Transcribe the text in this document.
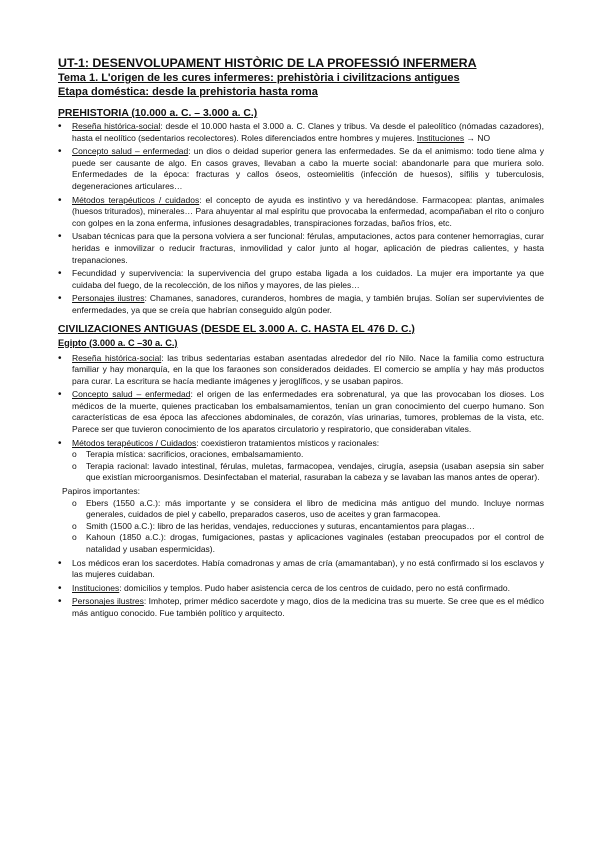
UT-1: DESENVOLUPAMENT HISTÒRIC DE LA PROFESSIÓ INFERMERA

Tema 1. L'origen de les cures infermeres: prehistòria i civilitzacions antigues

Etapa doméstica: desde la prehistoria hasta roma

PREHISTORIA (10.000 a. C. – 3.000 a. C.)

• Reseña histórica-social: desde el 10.000 hasta el 3.000 a. C. Clanes y tribus. Va desde el paleolítico (nómadas cazadores), hasta el neolítico (sedentarios recolectores). Roles diferenciados entre hombres y mujeres. Instituciones → NO
• Concepto salud – enfermedad: un dios o deidad superior genera las enfermedades. Se da el animismo: todo tiene alma y puede ser causante de algo. En casos graves, llevaban a cabo la muerte social: abandonarle para que muriera solo. Enfermedades de la época: fracturas y callos óseos, osteomielitis (infección de huesos), sífilis y tuberculosis, degeneraciones articulares…
• Métodos terapéuticos / cuidados: el concepto de ayuda es instintivo y va heredándose. Farmacopea: plantas, animales (huesos triturados), minerales… Para ahuyentar al mal espíritu que provocaba la enfermedad, acompañaban el rito o conjuro con golpes en la zona enferma, infusiones desagradables, transpiraciones forzadas, baños fríos, etc.
• Usaban técnicas para que la persona volviera a ser funcional: férulas, amputaciones, actos para contener hemorragias, curar heridas e inmovilizar o reducir fracturas, inmovilidad y calor junto al hogar, aplicación de piedras calientes, y hasta trepanaciones.
• Fecundidad y supervivencia: la supervivencia del grupo estaba ligada a los cuidados. La mujer era importante ya que cuidaba del fuego, de la recolección, de los niños y mayores, de las pieles…
• Personajes ilustres: Chamanes, sanadores, curanderos, hombres de magia, y también brujas. Solían ser supervivientes de enfermedades, ya que se creía que habrían conseguido algún poder.

CIVILIZACIONES ANTIGUAS (DESDE EL 3.000 A. C. HASTA EL 476 D. C.)

Egipto (3.000 a. C –30 a. C.)

• Reseña histórica-social: las tribus sedentarias estaban asentadas alrededor del río Nilo. Nace la familia como estructura familiar y hay monarquía, en la que los faraones son considerados deidades. El comercio se amplía y hay más productos para curar. La escritura se hacía mediante imágenes y jeroglíficos, y se usaban papiros.
• Concepto salud – enfermedad: el origen de las enfermedades era sobrenatural, ya que las provocaban los dioses. Los médicos de la muerte, quienes practicaban los embalsamamientos, tenían un gran conocimiento del cuerpo humano. Son características de esa época las afecciones abdominales, de corazón, vías urinarias, tumores, problemas de la vista, etc. Parece ser que tuvieron conocimiento de los aparatos circulatorio y respiratorio, que consideraban vitales.
• Métodos terapéuticos / Cuidados: coexistieron tratamientos místicos y racionales:
o Terapia mística: sacrificios, oraciones, embalsamamiento.
o Terapia racional: lavado intestinal, férulas, muletas, farmacopea, vendajes, cirugía, asepsia (usaban asepsia sin saber que existían microorganismos. Desinfectaban el material, rasuraban la cabeza y se lavaban las manos antes de operar).
Papiros importantes:
o Ebers (1550 a.C.): más importante y se considera el libro de medicina más antiguo del mundo. Incluye normas generales, cuidados de piel y cabello, preparados caseros, uso de aceites y gran farmacopea.
o Smith (1500 a.C.): libro de las heridas, vendajes, reducciones y suturas, encantamientos para plagas…
o Kahoun (1850 a.C.): drogas, fumigaciones, pastas y aplicaciones vaginales (estaban preocupados por el control de natalidad y usaban espermicidas).
• Los médicos eran los sacerdotes. Había comadronas y amas de cría (amamantaban), y no está confirmado si los esclavos y las mujeres cuidaban.
• Instituciones: domicilios y templos. Pudo haber asistencia cerca de los centros de cuidado, pero no está confirmado.
• Personajes ilustres: Imhotep, primer médico sacerdote y mago, dios de la medicina tras su muerte. Se cree que es el médico más antiguo conocido. Fue también político y arquitecto.
